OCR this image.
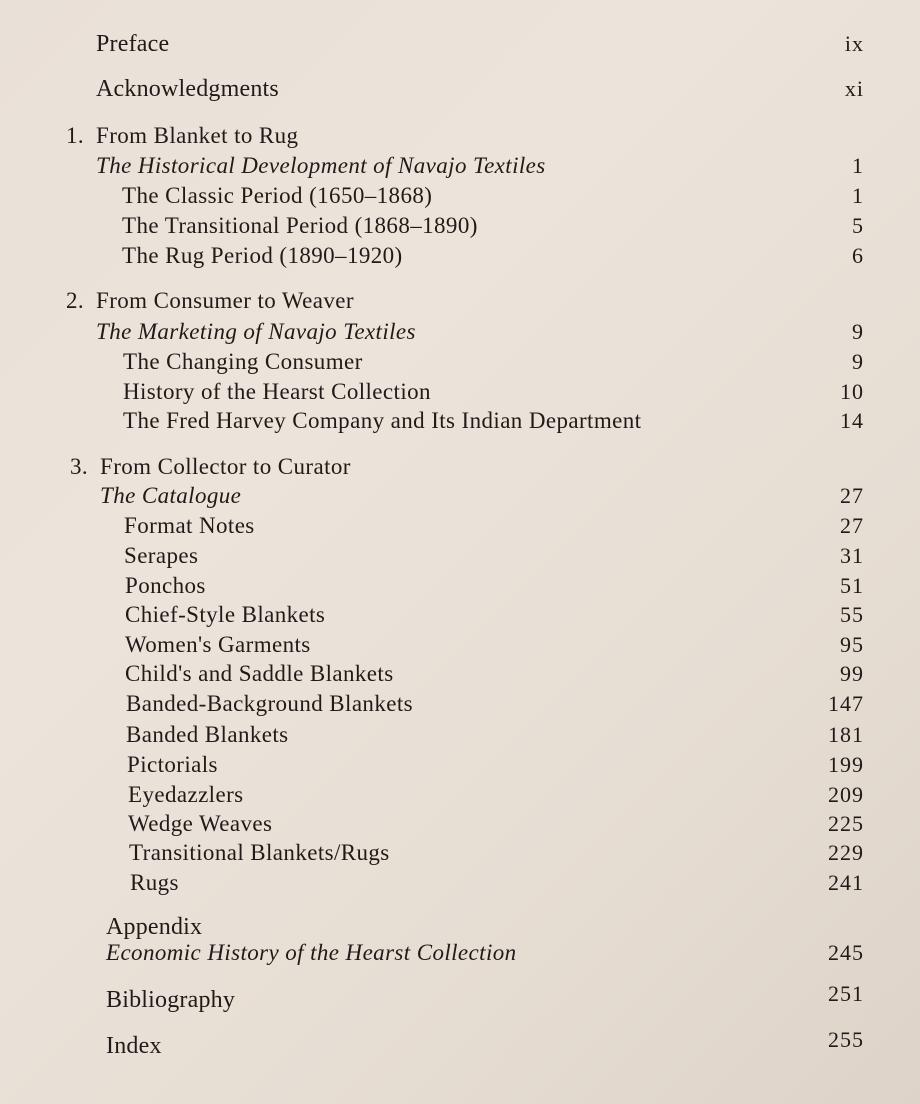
Preface	ix
Acknowledgments	xi
1. From Blanket to Rug
The Historical Development of Navajo Textiles	1
The Classic Period (1650–1868)	1
The Transitional Period (1868–1890)	5
The Rug Period (1890–1920)	6
2. From Consumer to Weaver
The Marketing of Navajo Textiles	9
The Changing Consumer	9
History of the Hearst Collection	10
The Fred Harvey Company and Its Indian Department	14
3. From Collector to Curator
The Catalogue	27
Format Notes	27
Serapes	31
Ponchos	51
Chief-Style Blankets	55
Women's Garments	95
Child's and Saddle Blankets	99
Banded-Background Blankets	147
Banded Blankets	181
Pictorials	199
Eyedazzlers	209
Wedge Weaves	225
Transitional Blankets/Rugs	229
Rugs	241
Appendix
Economic History of the Hearst Collection	245
Bibliography	251
Index	255
